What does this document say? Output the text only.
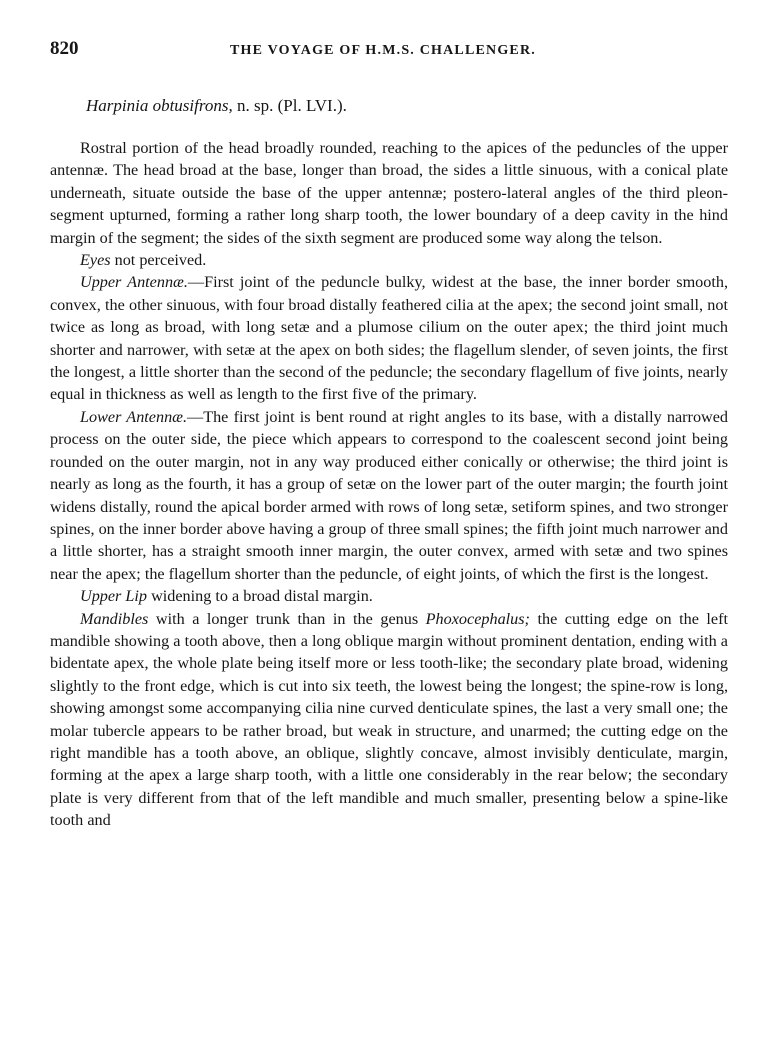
820	THE VOYAGE OF H.M.S. CHALLENGER.
Harpinia obtusifrons, n. sp. (Pl. LVI.).

Rostral portion of the head broadly rounded, reaching to the apices of the peduncles of the upper antennæ. The head broad at the base, longer than broad, the sides a little sinuous, with a conical plate underneath, situate outside the base of the upper antennæ; postero-lateral angles of the third pleon-segment upturned, forming a rather long sharp tooth, the lower boundary of a deep cavity in the hind margin of the segment; the sides of the sixth segment are produced some way along the telson.

Eyes not perceived.

Upper Antennæ.—First joint of the peduncle bulky, widest at the base, the inner border smooth, convex, the other sinuous, with four broad distally feathered cilia at the apex; the second joint small, not twice as long as broad, with long setæ and a plumose cilium on the outer apex; the third joint much shorter and narrower, with setæ at the apex on both sides; the flagellum slender, of seven joints, the first the longest, a little shorter than the second of the peduncle; the secondary flagellum of five joints, nearly equal in thickness as well as length to the first five of the primary.

Lower Antennæ.—The first joint is bent round at right angles to its base, with a distally narrowed process on the outer side, the piece which appears to correspond to the coalescent second joint being rounded on the outer margin, not in any way produced either conically or otherwise; the third joint is nearly as long as the fourth, it has a group of setæ on the lower part of the outer margin; the fourth joint widens distally, round the apical border armed with rows of long setæ, setiform spines, and two stronger spines, on the inner border above having a group of three small spines; the fifth joint much narrower and a little shorter, has a straight smooth inner margin, the outer convex, armed with setæ and two spines near the apex; the flagellum shorter than the peduncle, of eight joints, of which the first is the longest.

Upper Lip widening to a broad distal margin.

Mandibles with a longer trunk than in the genus Phoxocephalus; the cutting edge on the left mandible showing a tooth above, then a long oblique margin without prominent dentation, ending with a bidentate apex, the whole plate being itself more or less tooth-like; the secondary plate broad, widening slightly to the front edge, which is cut into six teeth, the lowest being the longest; the spine-row is long, showing amongst some accompanying cilia nine curved denticulate spines, the last a very small one; the molar tubercle appears to be rather broad, but weak in structure, and unarmed; the cutting edge on the right mandible has a tooth above, an oblique, slightly concave, almost invisibly denticulate, margin, forming at the apex a large sharp tooth, with a little one considerably in the rear below; the secondary plate is very different from that of the left mandible and much smaller, presenting below a spine-like tooth and
